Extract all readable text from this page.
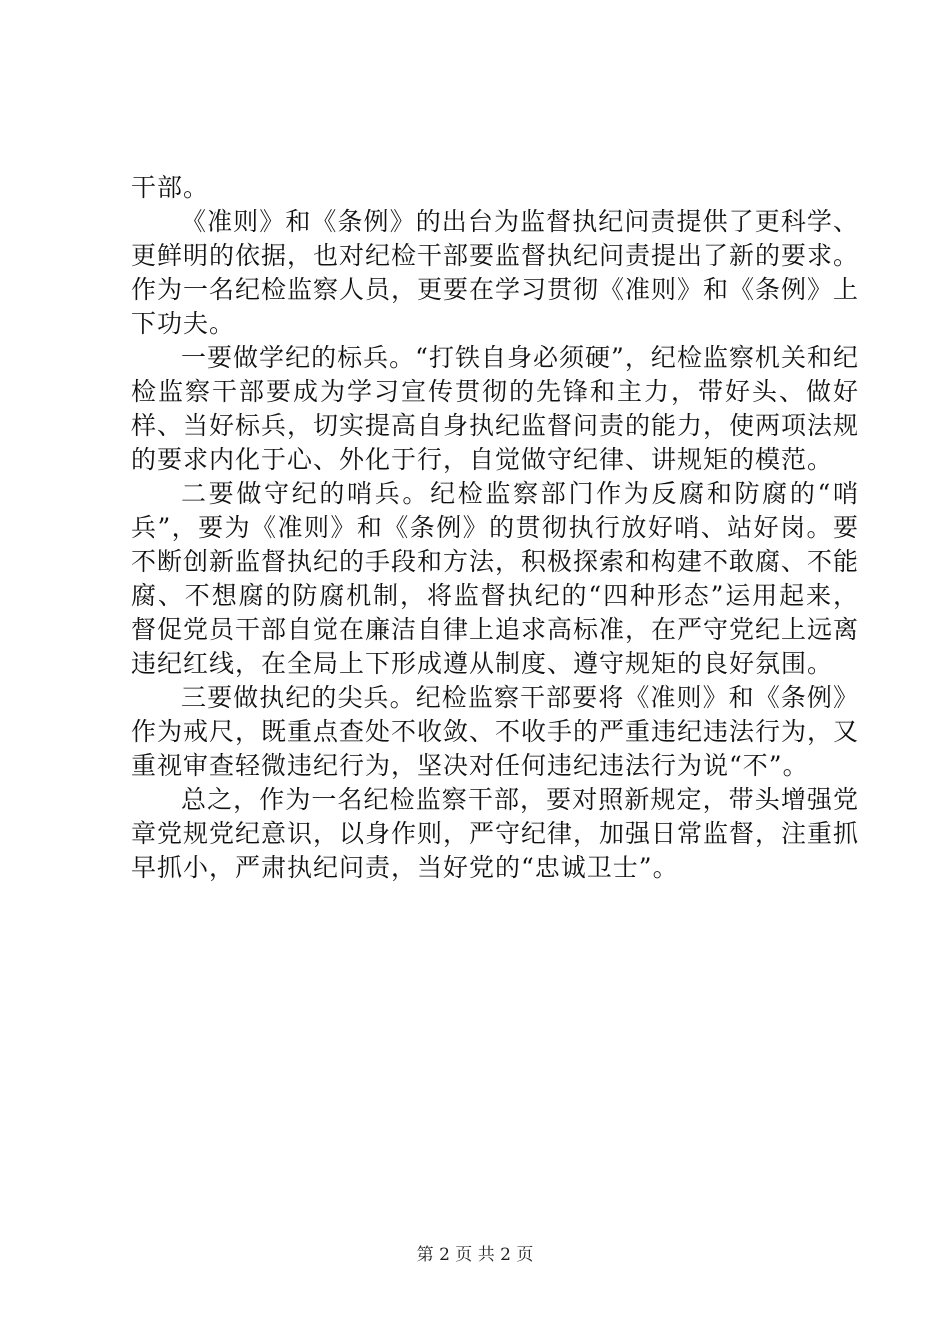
干部。

《准则》和《条例》的出台为监督执纪问责提供了更科学、更鲜明的依据，也对纪检干部要监督执纪问责提出了新的要求。作为一名纪检监察人员，更要在学习贯彻《准则》和《条例》上下功夫。

一要做学纪的标兵。“打铁自身必须硬”，纪检监察机关和纪检监察干部要成为学习宣传贯彻的先锋和主力，带好头、做好样、当好标兵，切实提高自身执纪监督问责的能力，使两项法规的要求内化于心、外化于行，自觉做守纪律、讲规矩的模范。

二要做守纪的哨兵。纪检监察部门作为反腐和防腐的“哨兵”，要为《准则》和《条例》的贯彻执行放好哨、站好岗。要不断创新监督执纪的手段和方法，积极探索和构建不敢腐、不能腐、不想腐的防腐机制，将监督执纪的“四种形态”运用起来，督促党员干部自觉在廉洁自律上追求高标准，在严守党纪上远离违纪红线，在全局上下形成遵从制度、遵守规矩的良好氛围。

三要做执纪的尖兵。纪检监察干部要将《准则》和《条例》作为戒尺，既重点查处不收敛、不收手的严重违纪违法行为，又重视审查轻微违纪行为，坚决对任何违纪违法行为说“不”。

总之，作为一名纪检监察干部，要对照新规定，带头增强党章党规党纪意识，以身作则，严守纪律，加强日常监督，注重抓早抓小，严肃执纪问责，当好党的“忠诚卫士”。

第 2 页 共 2 页
